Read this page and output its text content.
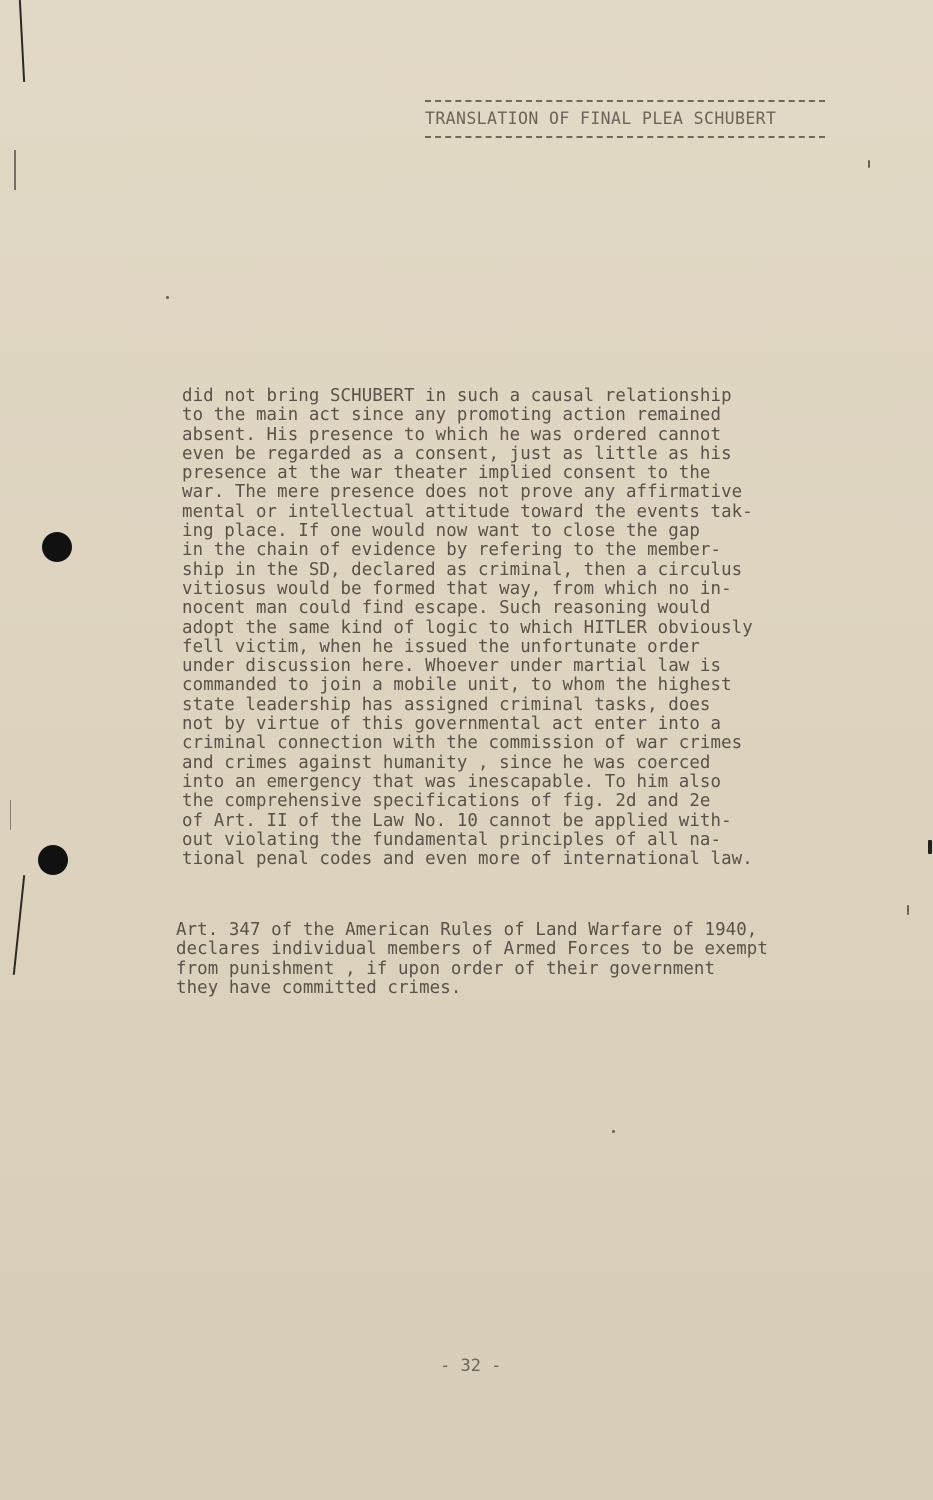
TRANSLATION OF FINAL PLEA SCHUBERT
did not bring SCHUBERT in such a causal relationship
to the main act since any promoting action remained
absent. His presence to which he was ordered cannot
even be regarded as a consent, just as little as his
presence at the war theater implied consent to the
war. The mere presence does not prove any affirmative
mental or intellectual attitude toward the events tak-
ing place. If one would now want to close the gap
in the chain of evidence by refering to the member-
ship in the SD, declared as criminal, then a circulus
vitiosus would be formed that way, from which no in-
nocent man could find escape. Such reasoning would
adopt the same kind of logic to which HITLER obviously
fell victim, when he issued the unfortunate order
under discussion here. Whoever under martial law is
commanded to join a mobile unit, to whom the highest
state leadership has assigned criminal tasks, does
not by virtue of this governmental act enter into a
criminal connection with the commission of war crimes
and crimes against humanity , since he was coerced
into an emergency that was inescapable. To him also
the comprehensive specifications of fig. 2d and 2e
of Art. II of the Law No. 10 cannot be applied with-
out violating the fundamental principles of all na-
tional penal codes and even more of international law.

Art. 347 of the American Rules of Land Warfare of 1940,
declares individual members of Armed Forces to be exempt
from punishment , if upon order of their government
they have committed crimes.

- 32 -
